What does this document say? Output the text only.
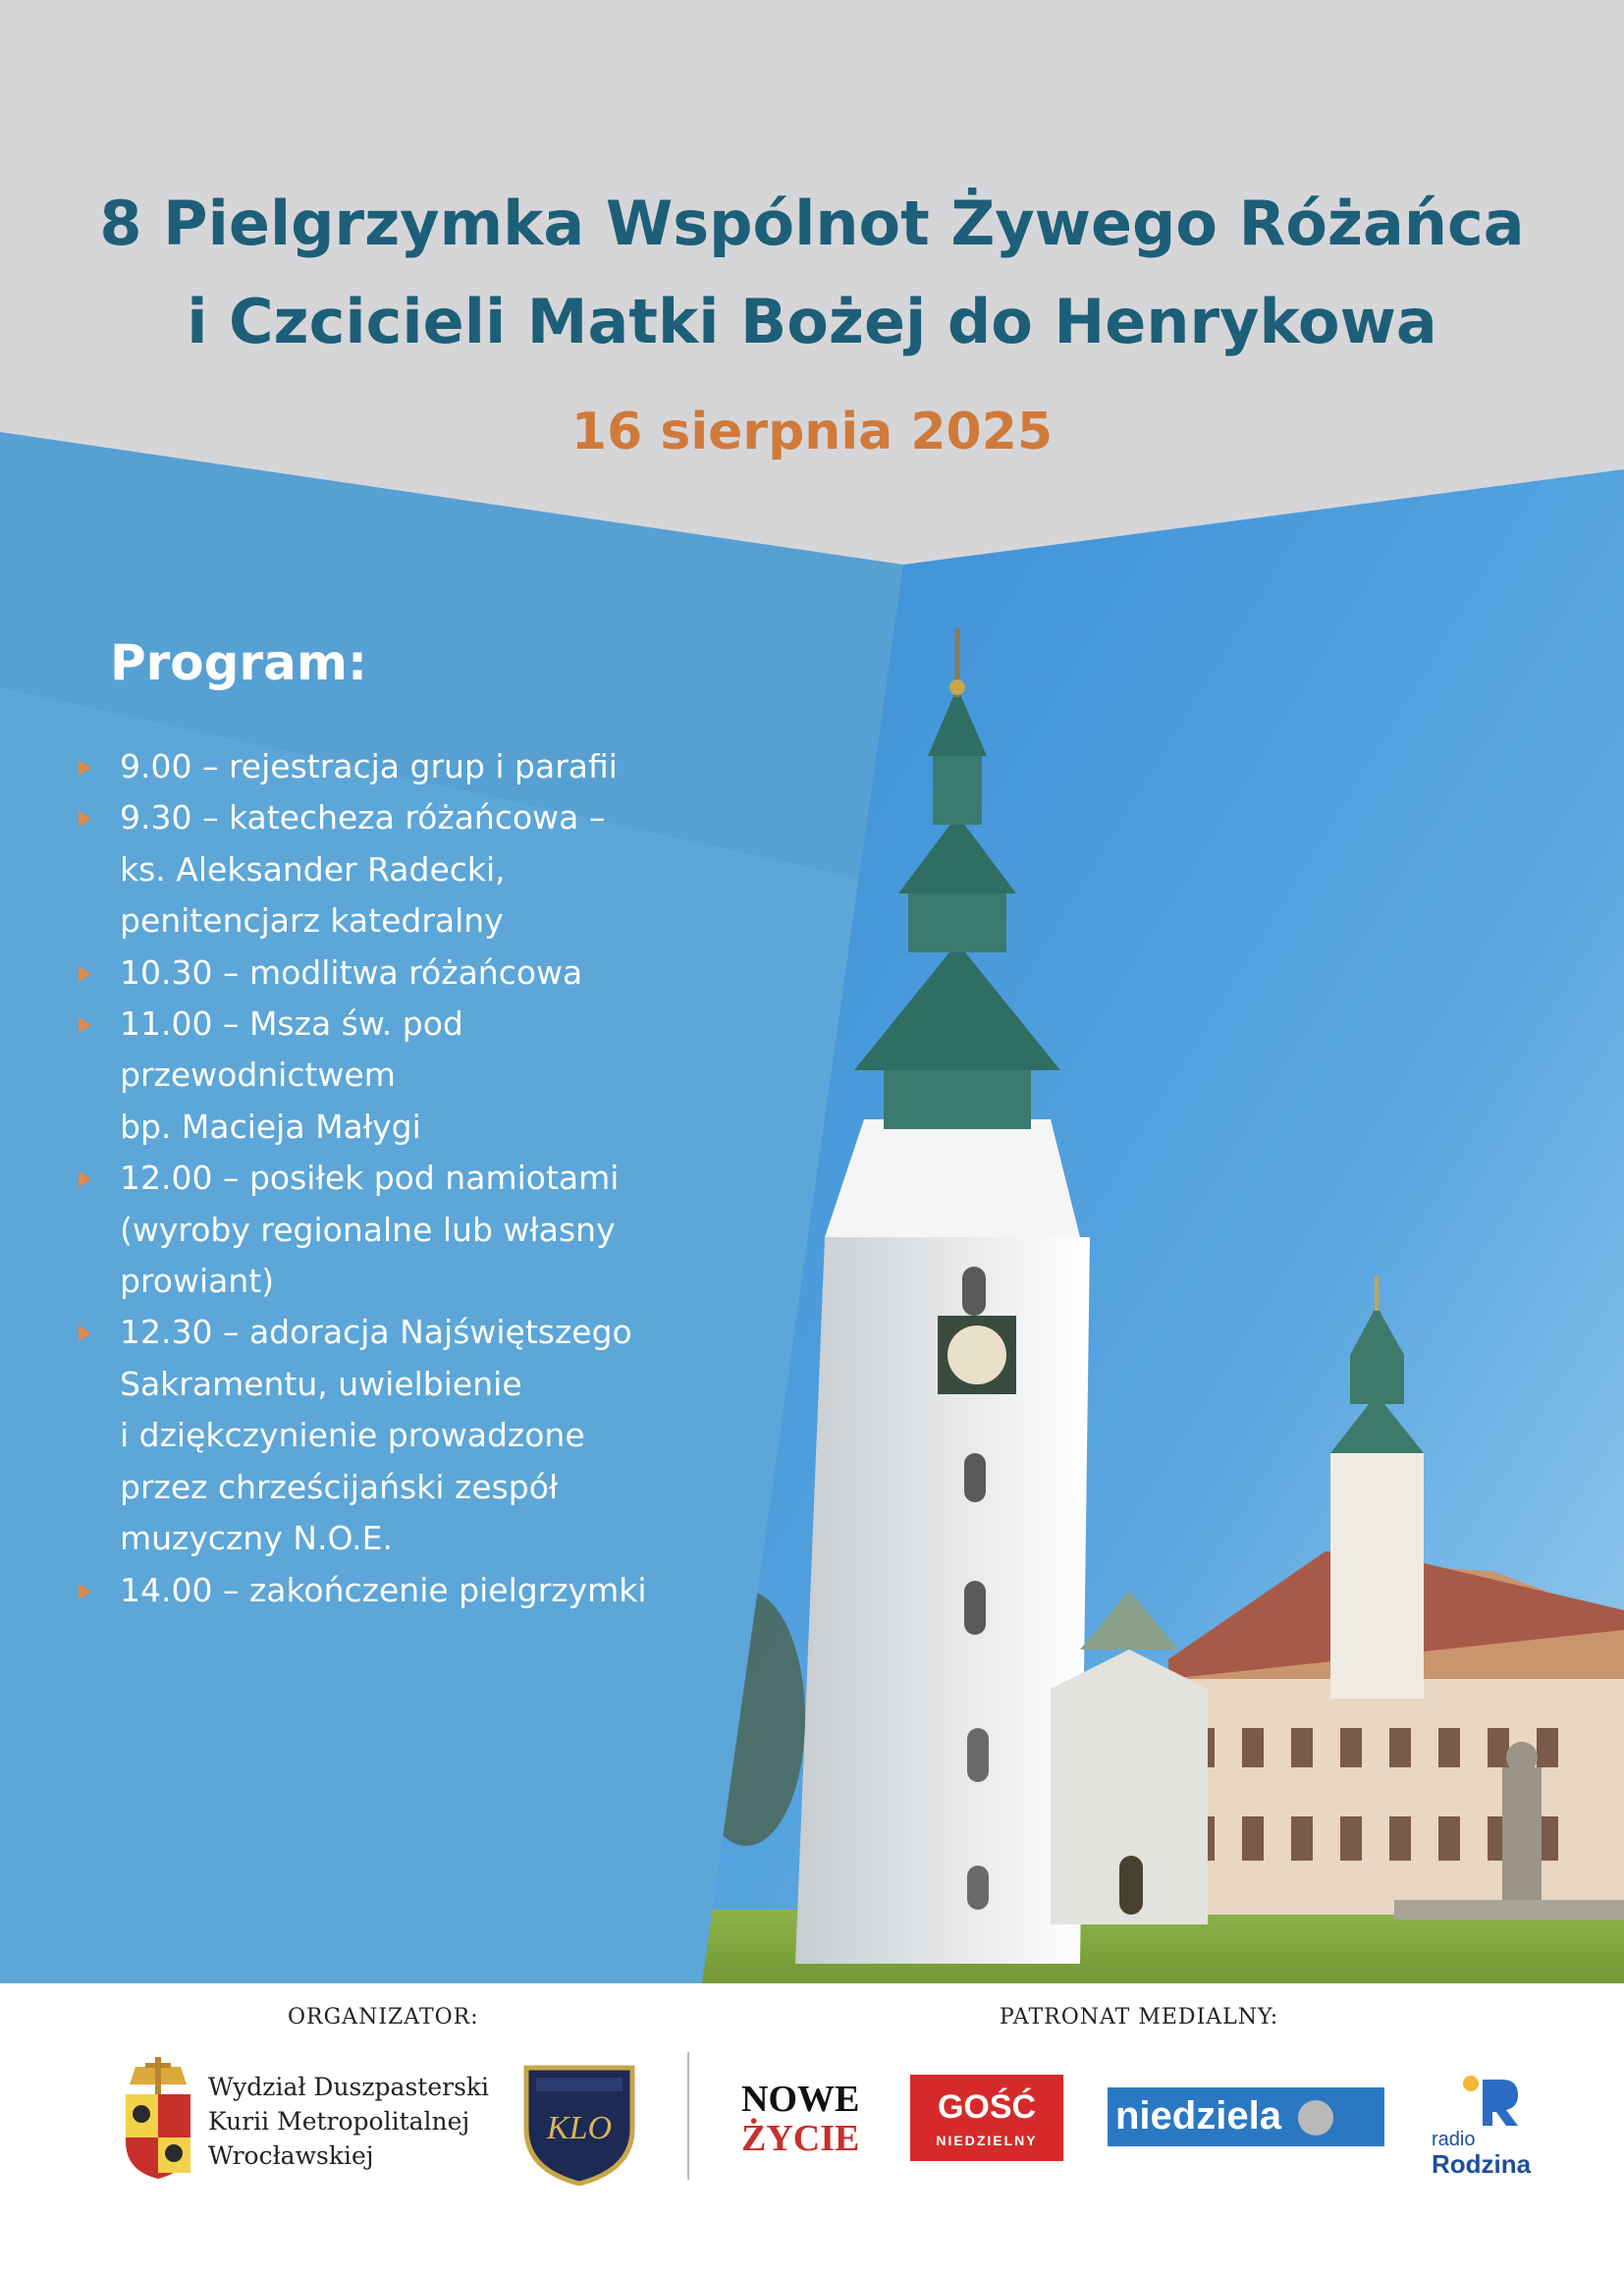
8 Pielgrzymka Wspólnot Żywego Różańca
i Czcicieli Matki Bożej do Henrykowa
16 sierpnia 2025
Program:
9.00 – rejestracja grup i parafii
9.30 – katecheza różańcowa –
ks. Aleksander Radecki,
penitencjarz katedralny
10.30 – modlitwa różańcowa
11.00 – Msza św. pod
przewodnictwem
bp. Macieja Małygi
12.00 – posiłek pod namiotami
(wyroby regionalne lub własny
prowiant)
12.30 – adoracja Najświętszego
Sakramentu, uwielbienie
i dziękczynienie prowadzone
przez chrześcijański zespół
muzyczny N.O.E.
14.00 – zakończenie pielgrzymki
ORGANIZATOR:	PATRONAT MEDIALNY:
Wydział Duszpasterski
Kurii Metropolitalnej
Wrocławskiej
KLO
NOWE
ŻYCIE
GOŚĆ
NIEDZIELNY
niedziela
radio
Rodzina
